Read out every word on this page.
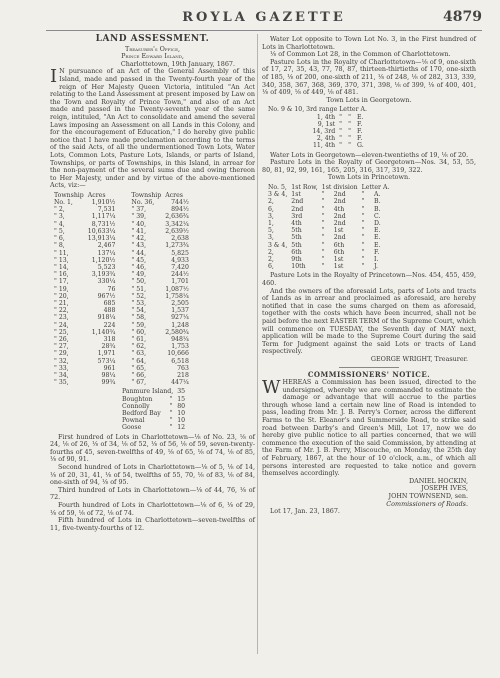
ROYLA GAZETTE	4879

LAND ASSESSMENT.

Treasurer's Office,

Prince Edward Island,

Charlottetown, 19th January, 1867.

I N pursuance of an Act of the General Assembly of this Island, made and passed in the Twenty-fourth year of the reign of Her Majesty Queen Victoria, intituled "An Act relating to the Land Assessment at present imposed by Law on the Town and Royalty of Prince Town," and also of an Act made and passed in the Twenty-seventh year of the same reign, intituled, "An Act to consolidate and amend the several Laws imposing an Assessment on all Lands in this Colony, and for the encouragement of Education," I do hereby give public notice that I have made proclamation according to the terms of the said Acts, of all the undermentioned Town Lots, Water Lots, Common Lots, Pasture Lots, Islands, or parts of Island, Townships, or parts of Townships, in this Island, in arrear for the non-payment of the several sums due and owing thereon to Her Majesty, under and by virtue of the above-mentioned Acts, viz:—

Township	Acres	Township	Acres
No. 1,	1,910½	No. 36,	744½
" 2,	7,531	" 37,	894½
" 3,	1,117¼	" 39,	2,636¾
" 4,	8,731½	" 40,	3,342¼
" 5,	10,633¼	" 41,	2,639½
" 6,	13,913¼	" 42,	2,638
" 8,	2,467	" 43,	1,273¾
" 11,	137¼	" 44,	5,825
" 13,	1,120½	" 45,	4,933
" 14,	5,523	" 46,	7,420
" 16,	3,193¾	" 49,	244½
" 17,	330¼	" 50,	1,701
" 19,	76	" 51,	1,087½
" 20,	967½	" 52,	1,758¼
" 21,	685	" 53,	2,505
" 22,	488	" 54,	1,537
" 23,	918¼	" 58,	927¼
" 24,	224	" 59,	1,248
" 25,	1,140¾	" 60,	2,580¾
" 26,	318	" 61,	948¼
" 27,	28¾	" 62,	1,753
" 29,	1,971	" 63,	10,666
" 32,	573¼	" 64,	6,518
" 33,	961	" 65,	763
" 34,	98¼	" 66,	218
" 35,	99¾	" 67,	447¼
Panmure Island,		35
Boughton	"	15
Connolly	"	80
Bedford Bay	"	10
Pownal	"	10
Goose	"	12

First hundred of Lots in Charlottetown—⅛ of No. 23, ⅛ of 24, ⅛ of 26, ⅛ of 34, ⅛ of 52, ⅛ of 56, ⅛ of 59, seven-twenty-fourths of 45, seven-twelfths of 49, ⅛ of 65, ⅛ of 74, ⅛ of 85, ⅛ of 90, 91.

Second hundred of Lots in Charlottetown—⅛ of 5, ⅛ of 14, ⅛ of 20, 31, 41, ⅛ of 54, twelfths of 55, 70, ⅛ of 83, ⅛ of 84, one-sixth of 94, ⅛ of 95.

Third hundred of Lots in Charlottetown—⅛ of 44, 76, ⅛ of 72.

Fourth hundred of Lots in Charlottetown—⅛ of 6, ⅛ of 29, ⅛ of 59, ⅛ of 72, ⅛ of 74.

Fifth hundred of Lots in Charlottetown—seven-twelfths of 11, five-twenty-fourths of 12.

Water Lot opposite to Town Lot No. 3, in the First hundred of Lots in Charlottetown.

⅛ of Common Lot 28, in the Common of Charlottetown.

Pasture Lots in the Royalty of Charlottetown—⅛ of 9, one-sixth of 17, 27, 35, 43, 77, 78, 87, thirteen-thirtieths of 170, one-sixth of 185, ⅛ of 200, one-sixth of 211, ⅛ of 248, ⅛ of 282, 313, 339, 340, 358, 367, 368, 369, 370, 371, 398, ⅛ of 399, ⅛ of 400, 401, ⅛ of 409, ⅛ of 449, ⅛ of 481.

Town Lots in Georgetown.

No. 9 & 10, 3rd range Letter A.			
1, 4th	"	"	E.
9, 1st	"	"	F.
14, 3rd	"	"	F.
2, 4th	"	"	F.
11, 4th	"	"	G.

Water Lots in Georgetown—eleven-twentieths of 19, ⅛ of 20.

Pasture Lots in the Royalty of Georgetown—Nos. 34, 53, 55, 80, 81, 92, 99, 161, 165, 205, 316, 317, 319, 322.

Town Lots in Princetown.

No. 5,	1st Row,	1st division		Letter A.	
3 & 4,	1st	"	2nd	"	A.
2,	2nd	"	2nd	"	B.
6,	2nd	"	4th	"	B.
3,	3rd	"	2nd	"	C.
1,	4th	"	2nd	"	D.
5,	5th	"	1st	"	E.
3,	5th	"	2nd	"	E.
3 & 4,	5th	"	6th	"	E.
2,	6th	"	6th	"	F.
2,	9th	"	1st	"	I.
6,	10th	"	1st	"	J.

Pasture Lots in the Royalty of Princetown—Nos. 454, 455, 459, 460.

And the owners of the aforesaid Lots, parts of Lots and tracts of Lands as in arrear and proclaimed as aforesaid, are hereby notified that in case the sums charged on them as aforesaid, together with the costs which have been incurred, shall not be paid before the next EASTER TERM of the Supreme Court, which will commence on TUESDAY, the Seventh day of MAY next, application will be made to the Supreme Court during the said Term for Judgment against the said Lots or tracts of Land respectively.

GEORGE WRIGHT, Treasurer.

COMMISSIONERS' NOTICE.

WHEREAS a Commission has been issued, directed to the undersigned, whereby we are commanded to estimate the damage or advantage that will accrue to the parties through whose land a certain new line of Road is intended to pass, leading from Mr. J. B. Perry's Corner, across the different Farms to the St. Eleanor's and Summerside Road, to strike said road between Darby's and Green's Mill, Lot 17, now we do hereby give public notice to all parties concerned, that we will commence the execution of the said Commission, by attending at the Farm of Mr. J. B. Perry, Miscouche, on Monday, the 25th day of February, 1867, at the hour of 10 o'clock, a.m., of which all persons interested are requested to take notice and govern themselves accordingly.

DANIEL HOCKIN,

JOSEPH IVES,

JOHN TOWNSEND, sen.

Commissioners of Roads.

Lot 17, Jan. 23, 1867.
